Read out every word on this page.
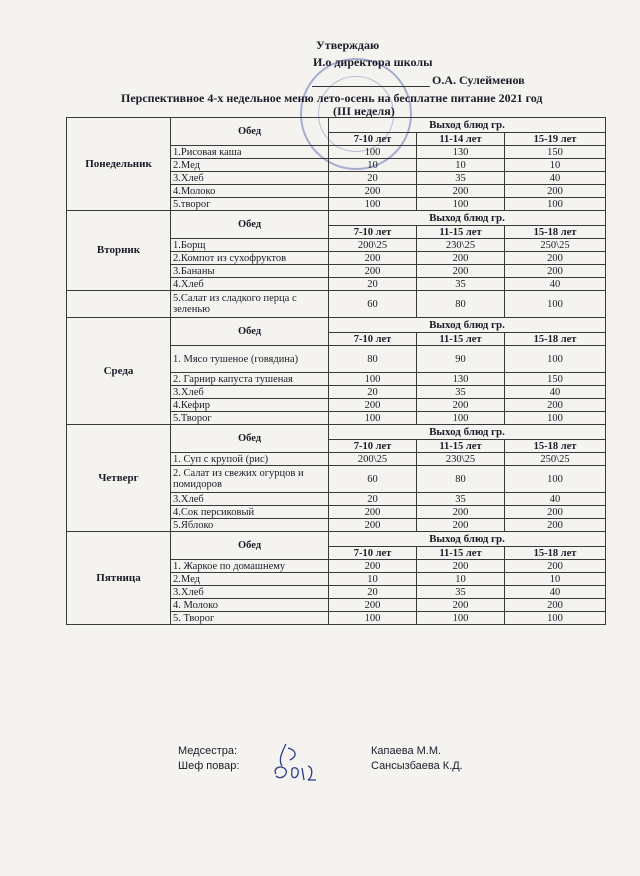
Утверждаю
И.о директора школы
О.А. Сулейменов
Перспективное 4-х недельное меню лето-осень на бесплатне питание 2021 год
(III неделя)
Понедельник	Обед	Выход блюд гр.		
		7-10 лет	11-14 лет	15-19 лет
	1.Рисовая каша	100	130	150
	2.Мед	10	10	10
	3.Хлеб	20	35	40
	4.Молоко	200	200	200
	5.творог	100	100	100
Вторник	Обед	Выход блюд гр.		
		7-10 лет	11-15 лет	15-18 лет
	1.Борщ	200\25	230\25	250\25
	2.Компот из сухофруктов	200	200	200
	3.Бананы	200	200	200
	4.Хлеб	20	35	40
	5.Салат из сладкого перца с зеленью	60	80	100
Среда	Обед	Выход блюд гр.		
		7-10 лет	11-15 лет	15-18 лет
	1. Мясо тушеное (говядина)	80	90	100
	2. Гарнир капуста тушеная	100	130	150
	3.Хлеб	20	35	40
	4.Кефир	200	200	200
	5.Творог	100	100	100
Четверг	Обед	Выход блюд гр.		
		7-10 лет	11-15 лет	15-18 лет
	1. Суп с крупой (рис)	200\25	230\25	250\25
	2. Салат из свежих огурцов и помидоров	60	80	100
	3.Хлеб	20	35	40
	4.Сок персиковый	200	200	200
	5.Яблоко	200	200	200
Пятница	Обед	Выход блюд гр.		
		7-10 лет	11-15 лет	15-18 лет
	1. Жаркое по домашнему	200	200	200
	2.Мед	10	10	10
	3.Хлеб	20	35	40
	4. Молоко	200	200	200
	5. Творог	100	100	100
Медсестра:
Шеф повар:
Капаева М.М.
Сансызбаева К.Д.
